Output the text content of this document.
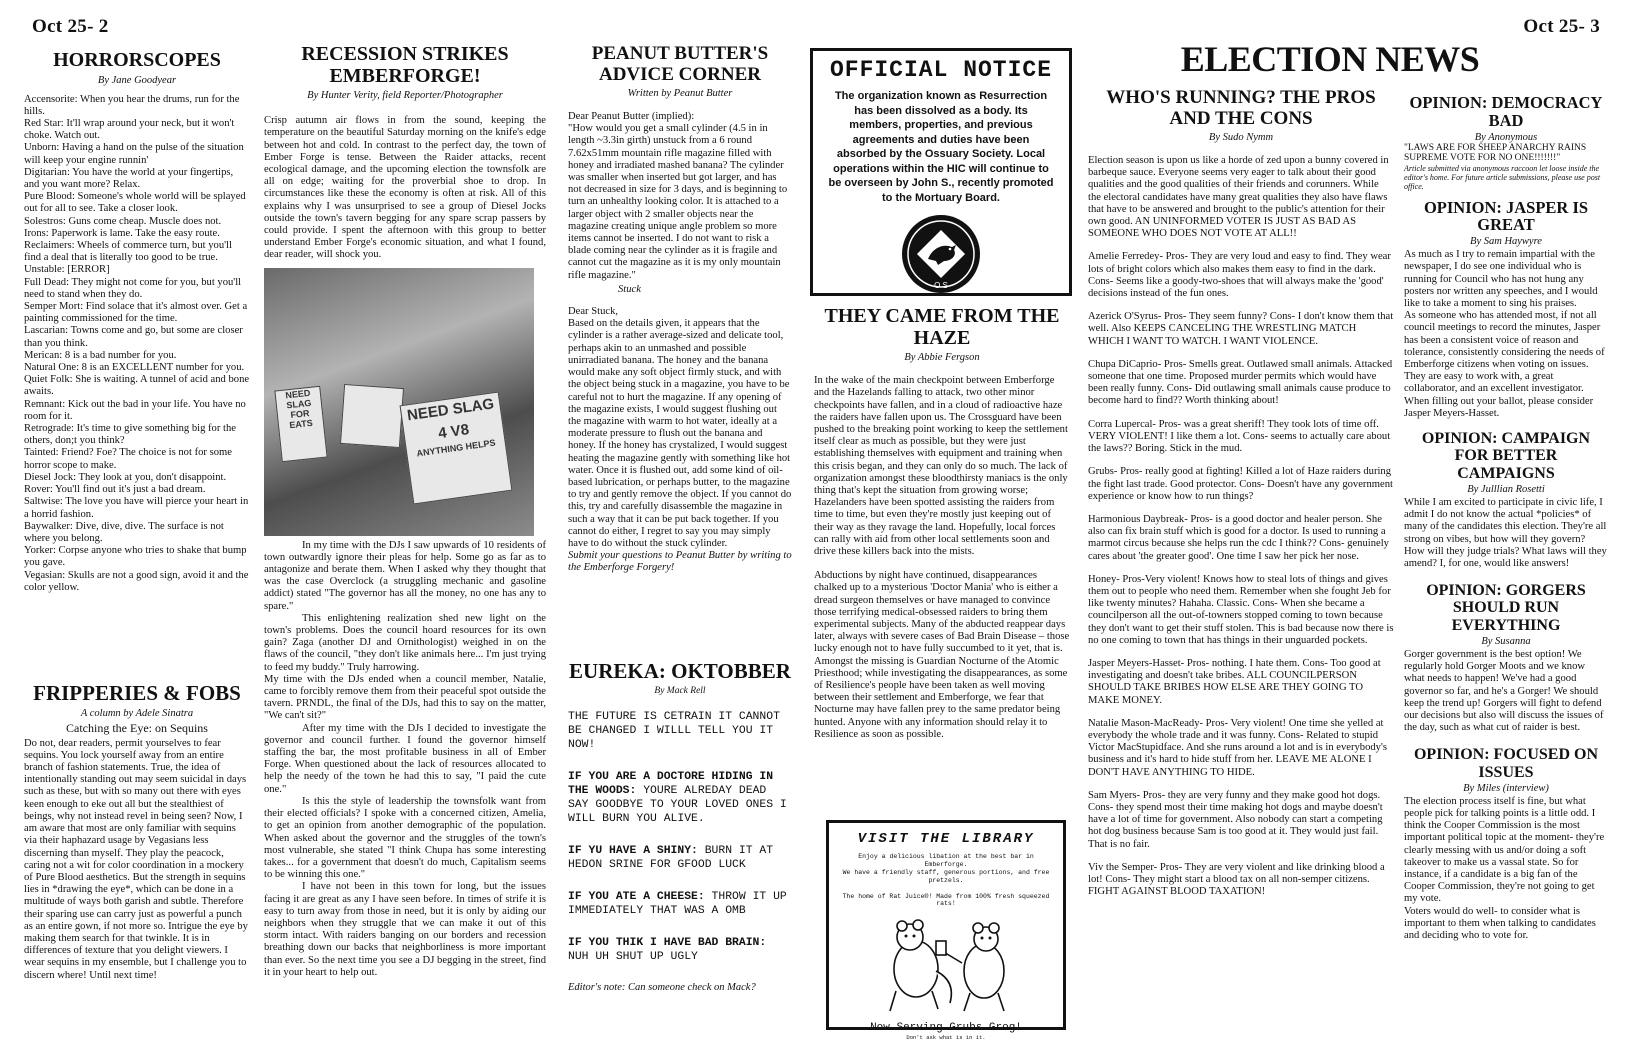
Oct 25- 2	Oct 25- 3
HORRORSCOPES
By Jane Goodyear

Accensorite: When you hear the drums, run for the hills.

Red Star: It'll wrap around your neck, but it won't choke. Watch out.

Unborn: Having a hand on the pulse of the situation will keep your engine runnin'

Digitarian: You have the world at your fingertips, and you want more? Relax.

Pure Blood: Someone's whole world will be splayed out for all to see. Take a closer look.

Solestros: Guns come cheap. Muscle does not.

Irons: Paperwork is lame. Take the easy route.

Reclaimers: Wheels of commerce turn, but you'll find a deal that is literally too good to be true.

Unstable: [ERROR]

Full Dead: They might not come for you, but you'll need to stand when they do.

Semper Mort: Find solace that it's almost over. Get a painting commissioned for the time.

Lascarian: Towns come and go, but some are closer than you think.

Merican: 8 is a bad number for you.

Natural One: 8 is an EXCELLENT number for you.

Quiet Folk: She is waiting. A tunnel of acid and bone awaits.

Remnant: Kick out the bad in your life. You have no room for it.

Retrograde: It's time to give something big for the others, don;t you think?

Tainted: Friend? Foe? The choice is not for some horror scope to make.

Diesel Jock: They look at you, don't disappoint.

Rover: You'll find out it's just a bad dream.

Saltwise: The love you have will pierce your heart in a horrid fashion.

Baywalker: Dive, dive, dive. The surface is not where you belong.

Yorker: Corpse anyone who tries to shake that bump you gave.

Vegasian: Skulls are not a good sign, avoid it and the color yellow.

FRIPPERIES & FOBS
A column by Adele Sinatra
Catching the Eye: on Sequins
Do not, dear readers, permit yourselves to fear sequins. You lock yourself away from an entire branch of fashion statements. True, the idea of intentionally standing out may seem suicidal in days such as these, but with so many out there with eyes keen enough to eke out all but the stealthiest of beings, why not instead revel in being seen? Now, I am aware that most are only familiar with sequins via their haphazard usage by Vegasians less discerning than myself. They play the peacock, caring not a wit for color coordination in a mockery of Pure Blood aesthetics. But the strength in sequins lies in *drawing the eye*, which can be done in a multitude of ways both garish and subtle. Therefore their sparing use can carry just as powerful a punch as an entire gown, if not more so. Intrigue the eye by making them search for that twinkle. It is in differences of texture that you delight viewers. I wear sequins in my ensemble, but I challenge you to discern where! Until next time!
RECESSION STRIKES EMBERFORGE!
By Hunter Verity, field Reporter/Photographer
Crisp autumn air flows in from the sound, keeping the temperature on the beautiful Saturday morning on the knife's edge between hot and cold. In contrast to the perfect day, the town of Ember Forge is tense. Between the Raider attacks, recent ecological damage, and the upcoming election the townsfolk are all on edge; waiting for the proverbial shoe to drop. In circumstances like these the economy is often at risk. All of this explains why I was unsurprised to see a group of Diesel Jocks outside the town's tavern begging for any spare scrap passers by could provide. I spent the afternoon with this group to better understand Ember Forge's economic situation, and what I found, dear reader, will shock you.
NEED SLAG FOR EATS	NEED SLAG 4 V8
ANYTHING HELPS

In my time with the DJs I saw upwards of 10 residents of town outwardly ignore their pleas for help. Some go as far as to antagonize and berate them. When I asked why they thought that was the case Overclock (a struggling mechanic and gasoline addict) stated "The governor has all the money, no one has any to spare."

This enlightening realization shed new light on the town's problems. Does the council hoard resources for its own gain? Zaga (another DJ and Ornithologist) weighed in on the flaws of the council, "they don't like animals here... I'm just trying to feed my buddy." Truly harrowing.

My time with the DJs ended when a council member, Natalie, came to forcibly remove them from their peaceful spot outside the tavern. PRNDL, the final of the DJs, had this to say on the matter, "We can't sit?"

After my time with the DJs I decided to investigate the governor and council further. I found the governor himself staffing the bar, the most profitable business in all of Ember Forge. When questioned about the lack of resources allocated to help the needy of the town he had this to say, "I paid the cute one."

Is this the style of leadership the townsfolk want from their elected officials? I spoke with a concerned citizen, Amelia, to get an opinion from another demographic of the population. When asked about the governor and the struggles of the town's most vulnerable, she stated "I think Chupa has some interesting takes... for a government that doesn't do much, Capitalism seems to be winning this one."

I have not been in this town for long, but the issues facing it are great as any I have seen before. In times of strife it is easy to turn away from those in need, but it is only by aiding our neighbors when they struggle that we can make it out of this storm intact. With raiders banging on our borders and recession breathing down our backs that neighborliness is more important than ever. So the next time you see a DJ begging in the street, find it in your heart to help out.

PEANUT BUTTER'S ADVICE CORNER
Written by Peanut Butter

Dear Peanut Butter (implied):

"How would you get a small cylinder (4.5 in in length ~3.3in girth) unstuck from a 6 round 7.62x51mm mountain rifle magazine filled with honey and irradiated mashed banana? The cylinder was smaller when inserted but got larger, and has not decreased in size for 3 days, and is beginning to turn an unhealthy looking color. It is attached to a larger object with 2 smaller objects near the magazine creating unique angle problem so more items cannot be inserted. I do not want to risk a blade coming near the cylinder as it is fragile and cannot cut the magazine as it is my only mountain rifle magazine."

Stuck

Dear Stuck,

Based on the details given, it appears that the cylinder is a rather average-sized and delicate tool, perhaps akin to an unmashed and possible unirradiated banana. The honey and the banana would make any soft object firmly stuck, and with the object being stuck in a magazine, you have to be careful not to hurt the magazine. If any opening of the magazine exists, I would suggest flushing out the magazine with warm to hot water, ideally at a moderate pressure to flush out the banana and honey. If the honey has crystalized, I would suggest heating the magazine gently with something like hot water. Once it is flushed out, add some kind of oil-based lubrication, or perhaps butter, to the magazine to try and gently remove the object. If you cannot do this, try and carefully disassemble the magazine in such a way that it can be put back together. If you cannot do either, I regret to say you may simply have to do without the stuck cylinder.

Submit your questions to Peanut Butter by writing to the Emberforge Forgery!

EUREKA: OKTOBBER
By Mack Rell

THE FUTURE IS CETRAIN IT CANNOT BE CHANGED I WILLL TELL YOU IT NOW!

IF YOU ARE A DOCTORE HIDING IN THE WOODS: YOURE ALREDAY DEAD SAY GOODBYE TO YOUR LOVED ONES I WILL BURN YOU ALIVE.

IF YU HAVE A SHINY: BURN IT AT HEDON SRINE FOR GFOOD LUCK

IF YOU ATE A CHEESE: THROW IT UP IMMEDIATELY THAT WAS A OMB

IF YOU THIK I HAVE BAD BRAIN: NUH UH SHUT UP UGLY

Editor's note: Can someone check on Mack?
OFFICIAL NOTICE
The organization known as Resurrection has been dissolved as a body. Its members, properties, and previous agreements and duties have been absorbed by the Ossuary Society. Local operations within the HIC will continue to be overseen by John S., recently promoted to the Mortuary Board.
O S
THEY CAME FROM THE HAZE
By Abbie Fergson

In the wake of the main checkpoint between Emberforge and the Hazelands falling to attack, two other minor checkpoints have fallen, and in a cloud of radioactive haze the raiders have fallen upon us. The Crossguard have been pushed to the breaking point working to keep the settlement itself clear as much as possible, but they were just establishing themselves with equipment and training when this crisis began, and they can only do so much. The lack of organization amongst these bloodthirsty maniacs is the only thing that's kept the situation from growing worse; Hazelanders have been spotted assisting the raiders from time to time, but even they're mostly just keeping out of their way as they ravage the land. Hopefully, local forces can rally with aid from other local settlements soon and drive these killers back into the mists.

Abductions by night have continued, disappearances chalked up to a mysterious 'Doctor Mania' who is either a dread surgeon themselves or have managed to convince those terrifying medical-obsessed raiders to bring them experimental subjects. Many of the abducted reappear days later, always with severe cases of Bad Brain Disease – those lucky enough not to have fully succumbed to it yet, that is. Amongst the missing is Guardian Nocturne of the Atomic Priesthood; while investigating the disappearances, as some of Resilience's people have been taken as well moving between their settlement and Emberforge, we fear that Nocturne may have fallen prey to the same predator being hunted. Anyone with any information should relay it to Resilience as soon as possible.

VISIT THE LIBRARY
Enjoy a delicious libation at the best bar in Emberforge.
We have a friendly staff, generous portions, and free pretzels.
The home of Rat Juice®! Made from 100% fresh squeezed rats!
Now Serving Grubs Grog!
Don't ask what is in it.
ELECTION NEWS
WHO'S RUNNING? THE PROS AND THE CONS
By Sudo Nymm

Election season is upon us like a horde of zed upon a bunny covered in barbeque sauce. Everyone seems very eager to talk about their good qualities and the good qualities of their friends and corunners. While the electoral candidates have many great qualities they also have flaws that have to be answered and brought to the public's attention for their own good. AN UNINFORMED VOTER IS JUST AS BAD AS SOMEONE WHO DOES NOT VOTE AT ALL!!

Amelie Ferredey- Pros- They are very loud and easy to find. They wear lots of bright colors which also makes them easy to find in the dark. Cons- Seems like a goody-two-shoes that will always make the 'good' decisions instead of the fun ones.

Azerick O'Syrus- Pros- They seem funny? Cons- I don't know them that well. Also KEEPS CANCELING THE WRESTLING MATCH WHICH I WANT TO WATCH. I WANT VIOLENCE.

Chupa DiCaprio- Pros- Smells great. Outlawed small animals. Attacked someone that one time. Proposed murder permits which would have been really funny. Cons- Did outlawing small animals cause produce to become hard to find?? Worth thinking about!

Corra Lupercal- Pros- was a great sheriff! They took lots of time off. VERY VIOLENT! I like them a lot. Cons- seems to actually care about the laws?? Boring. Stick in the mud.

Grubs- Pros- really good at fighting! Killed a lot of Haze raiders during the fight last trade. Good protector. Cons- Doesn't have any government experience or know how to run things?

Harmonious Daybreak- Pros- is a good doctor and healer person. She also can fix brain stuff which is good for a doctor. Is used to running a marmot circus because she helps run the cdc I think?? Cons- genuinely cares about 'the greater good'. One time I saw her pick her nose.

Honey- Pros-Very violent! Knows how to steal lots of things and gives them out to people who need them. Remember when she fought Jeb for like twenty minutes? Hahaha. Classic. Cons- When she became a councilperson all the out-of-towners stopped coming to town because they don't want to get their stuff stolen. This is bad because now there is no one coming to town that has things in their unguarded pockets.

Jasper Meyers-Hasset- Pros- nothing. I hate them. Cons- Too good at investigating and doesn't take bribes. ALL COUNCILPERSON SHOULD TAKE BRIBES HOW ELSE ARE THEY GOING TO MAKE MONEY.

Natalie Mason-MacReady- Pros- Very violent! One time she yelled at everybody the whole trade and it was funny. Cons- Related to stupid Victor MacStupidface. And she runs around a lot and is in everybody's business and it's hard to hide stuff from her. LEAVE ME ALONE I DON'T HAVE ANYTHING TO HIDE.

Sam Myers- Pros- they are very funny and they make good hot dogs. Cons- they spend most their time making hot dogs and maybe doesn't have a lot of time for government. Also nobody can start a competing hot dog business because Sam is too good at it. They would just fail. That is no fair.

Viv the Semper- Pros- They are very violent and like drinking blood a lot! Cons- They might start a blood tax on all non-semper citizens. FIGHT AGAINST BLOOD TAXATION!

OPINION: DEMOCRACY BAD
By Anonymous
"LAWS ARE FOR SHEEP ANARCHY RAINS SUPREME VOTE FOR NO ONE!!!!!!!"
Article submitted via anonymous raccoon let loose inside the editor's home. For future article submissions, please use post office.
OPINION: JASPER IS GREAT
By Sam Haywyre

As much as I try to remain impartial with the newspaper, I do see one individual who is running for Council who has not hung any posters nor written any speeches, and I would like to take a moment to sing his praises.

As someone who has attended most, if not all council meetings to record the minutes, Jasper has been a consistent voice of reason and tolerance, consistently considering the needs of Emberforge citizens when voting on issues. They are easy to work with, a great collaborator, and an excellent investigator. When filling out your ballot, please consider Jasper Meyers-Hasset.

OPINION: CAMPAIGN FOR BETTER CAMPAIGNS
By Julllian Rosetti
While I am excited to participate in civic life, I admit I do not know the actual *policies* of many of the candidates this election. They're all strong on vibes, but how will they govern? How will they judge trials? What laws will they amend? I, for one, would like answers!
OPINION: GORGERS SHOULD RUN EVERYTHING
By Susanna
Gorger government is the best option! We regularly hold Gorger Moots and we know what needs to happen! We've had a good governor so far, and he's a Gorger! We should keep the trend up! Gorgers will fight to defend our decisions but also will discuss the issues of the day, such as what cut of raider is best.
OPINION: FOCUSED ON ISSUES
By Miles (interview)

The election process itself is fine, but what people pick for talking points is a little odd. I think the Cooper Commission is the most important political topic at the moment- they're clearly messing with us and/or doing a soft takeover to make us a vassal state. So for instance, if a candidate is a big fan of the Cooper Commission, they're not going to get my vote.

Voters would do well- to consider what is important to them when talking to candidates and deciding who to vote for.
